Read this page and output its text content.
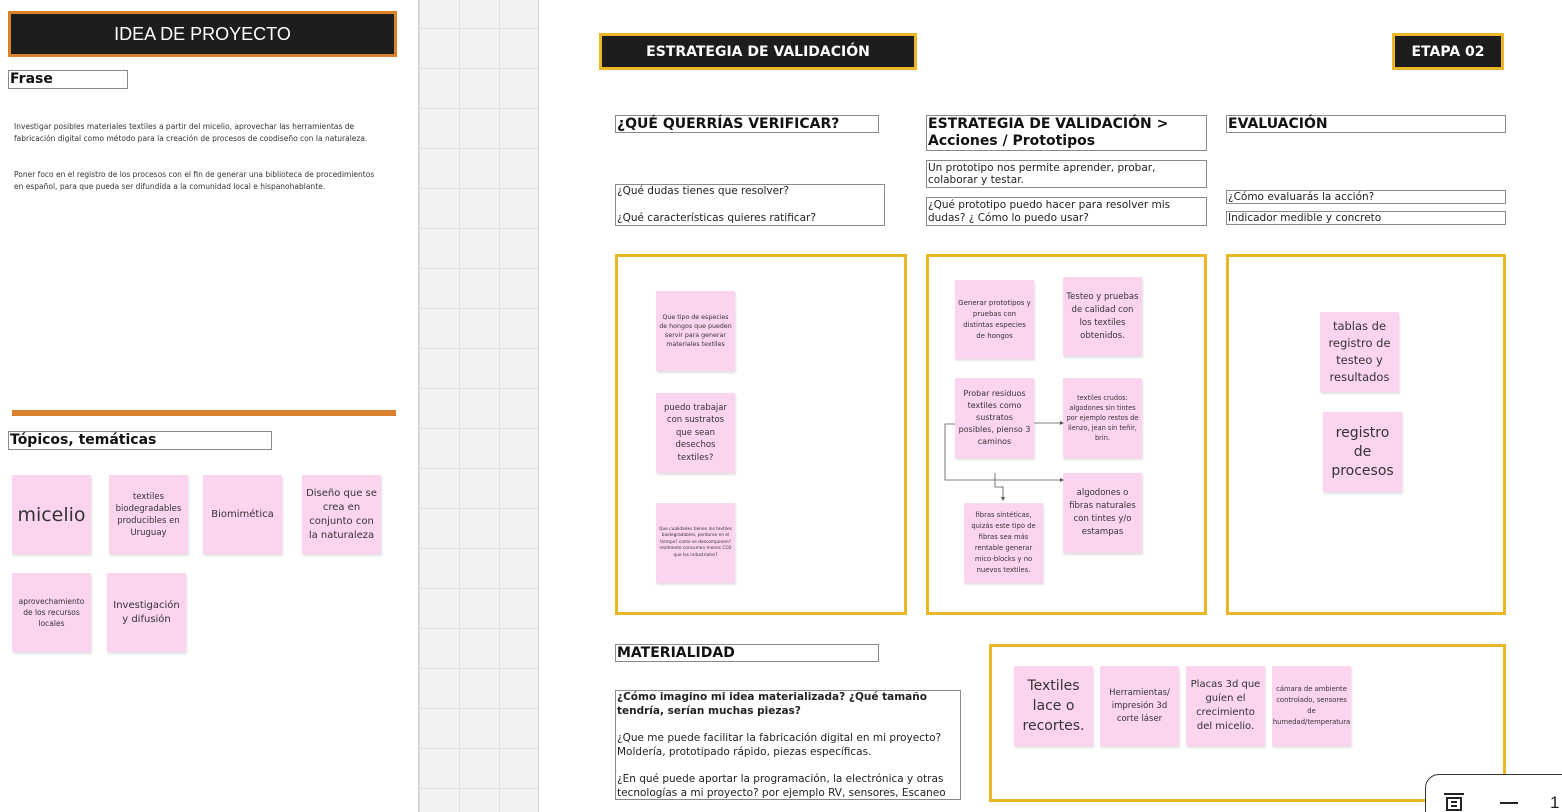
IDEA DE PROYECTO
Frase
Investigar posibles materiales textiles a partir del micelio, aprovechar las herramientas de fabricación digital como método para la creación de procesos de coodiseño con la naturaleza.
Poner foco en el registro de los procesos con el fin de generar una biblioteca de procedimientos en español, para que pueda ser difundida a la comunidad local e hispanohablante.
Tópicos, temáticas
micelio
textiles biodegradables producibles en Uruguay
Biomimética
Diseño que se crea en conjunto con la naturaleza
aprovechamiento de los recursos locales
Investigación y difusión
ESTRATEGIA DE VALIDACIÓN	ETAPA 02
¿QUÉ QUERRÍAS VERIFICAR?
¿Qué dudas tienes que resolver?
¿Qué características quieres ratificar?
Que tipo de especies de hongos que pueden servir para generar materiales textiles
puedo trabajar con sustratos que sean desechos textiles?
Que cualidades tienen los textiles biodegradables, perduran en el tiempo? como se descomponen? realmente consumen menos CO2 que los industriales?
ESTRATEGIA DE VALIDACIÓN > Acciones / Prototipos
Un prototipo nos permite aprender, probar, colaborar y testar.
¿Qué prototipo puedo hacer para resolver mis dudas? ¿ Cómo lo puedo usar?
Generar prototipos y pruebas con distintas especies de hongos
Testeo y pruebas de calidad con los textiles obtenidos.
Probar residuos textiles como sustratos posibles, pienso 3 caminos
textiles crudos: algodones sin tintes por ejemplo restos de lienzo, jean sin teñir, brin.
algodones o fibras naturales con tintes y/o estampas
fibras sintéticas, quizás este tipo de fibras sea más rentable generar mico-blocks y no nuevos textiles.
EVALUACIÓN
¿Cómo evaluarás la acción?
Indicador medible y concreto
tablas de registro de testeo y resultados
registro de procesos
MATERIALIDAD
¿Cómo imagino mi idea materializada? ¿Qué tamaño tendría, serían muchas piezas?
¿Que me puede facilitar la fabricación digital en mi proyecto? Moldería, prototipado rápido, piezas específicas.
¿En qué puede aportar la programación, la electrónica y otras tecnologías a mi proyecto? por ejemplo RV, sensores, Escaneo
Textiles lace o recortes.
Herramientas/ impresión 3d corte láser
Placas 3d que guíen el crecimiento del micelio.
cámara de ambiente controlado, sensores de humedad/temperatura
1
